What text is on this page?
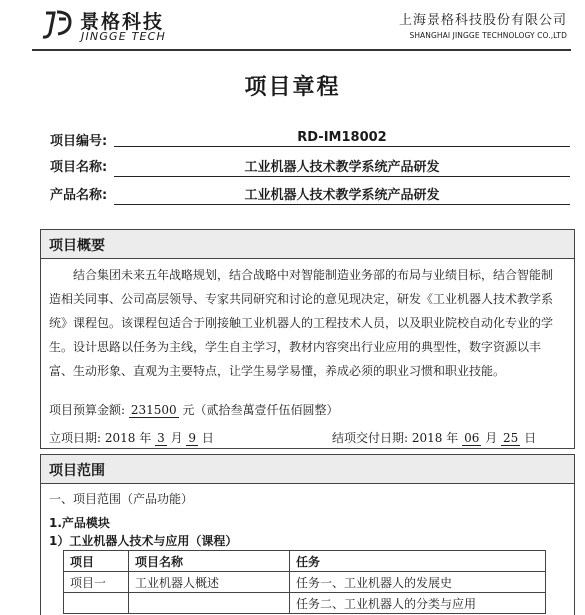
景格科技
JINGGE TECH
上海景格科技股份有限公司
SHANGHAI JINGGE TECHNOLOGY CO.,LTD
项目章程
项目编号:	RD-IM18002
项目名称:	工业机器人技术教学系统产品研发
产品名称:	工业机器人技术教学系统产品研发
项目概要
结合集团未来五年战略规划，结合战略中对智能制造业务部的布局与业绩目标，结合智能制造相关同事、公司高层领导、专家共同研究和讨论的意见现决定，研发《工业机器人技术教学系统》课程包。该课程包适合于刚接触工业机器人的工程技术人员，以及职业院校自动化专业的学生。设计思路以任务为主线，学生自主学习，教材内容突出行业应用的典型性，数字资源以丰富、生动形象、直观为主要特点，让学生易学易懂，养成必须的职业习惯和职业技能。
项目预算金额: 231500 元（贰拾叁萬壹仟伍佰圆整）
立项日期: 2018 年 3 月 9 日	结项交付日期: 2018 年 06 月 25 日
项目范围
一、项目范围（产品功能）
1.产品模块
1）工业机器人技术与应用（课程）
项目	项目名称	任务
项目一	工业机器人概述	任务一、工业机器人的发展史
		任务二、工业机器人的分类与应用
